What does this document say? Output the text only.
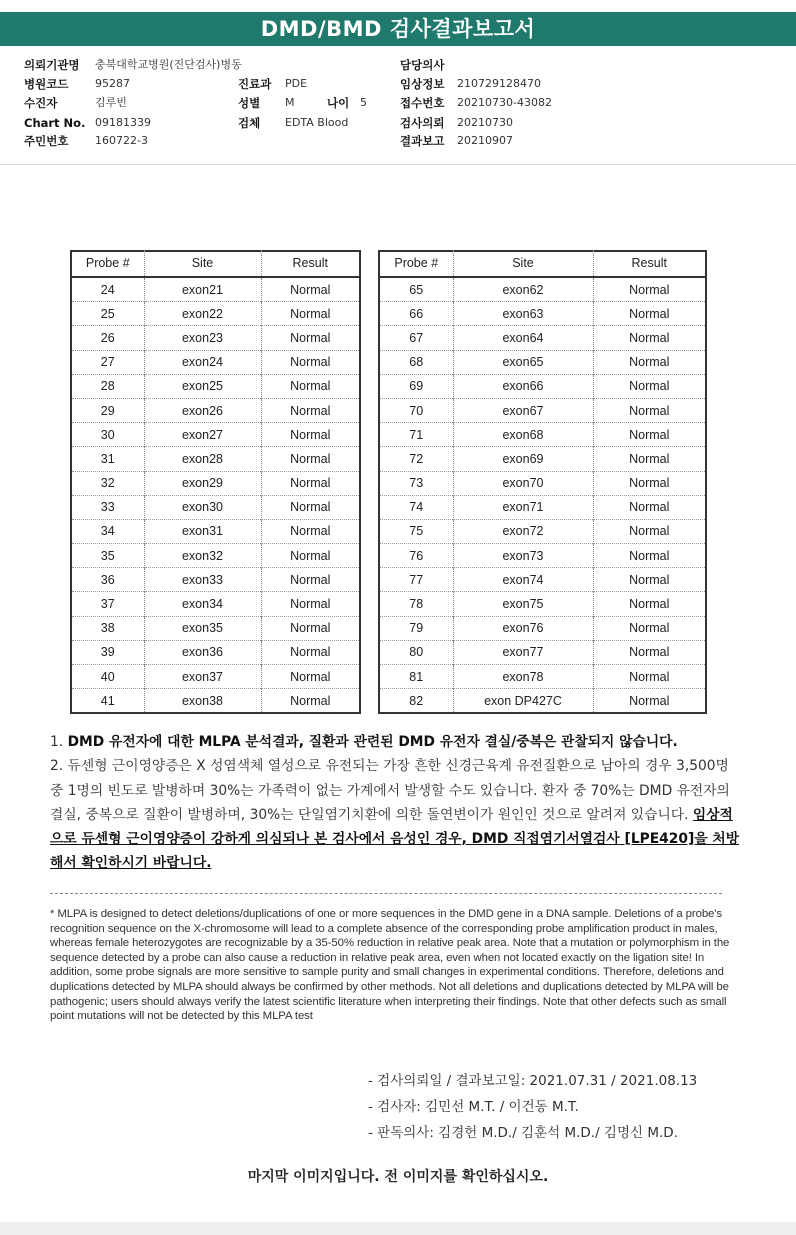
DMD/BMD 검사결과보고서
의뢰기관명 충북대학교병원(진단검사)병동	담당의사
병원코드 95287	진료과 PDE	임상정보 210729128470
수진자	김루빈	성별 M	나이 5	접수번호 20210730-43082
Chart No. 09181339	검체 EDTA Blood	검사의뢰 20210730
주민번호 160722-3	결과보고 20210907
Probe #	Site	Result
24	exon21	Normal
25	exon22	Normal
26	exon23	Normal
27	exon24	Normal
28	exon25	Normal
29	exon26	Normal
30	exon27	Normal
31	exon28	Normal
32	exon29	Normal
33	exon30	Normal
34	exon31	Normal
35	exon32	Normal
36	exon33	Normal
37	exon34	Normal
38	exon35	Normal
39	exon36	Normal
40	exon37	Normal
41	exon38	Normal
Probe #	Site	Result
65	exon62	Normal
66	exon63	Normal
67	exon64	Normal
68	exon65	Normal
69	exon66	Normal
70	exon67	Normal
71	exon68	Normal
72	exon69	Normal
73	exon70	Normal
74	exon71	Normal
75	exon72	Normal
76	exon73	Normal
77	exon74	Normal
78	exon75	Normal
79	exon76	Normal
80	exon77	Normal
81	exon78	Normal
82	exon DP427C	Normal
1. DMD 유전자에 대한 MLPA 분석결과, 질환과 관련된 DMD 유전자 결실/중복은 관찰되지 않습니다.
2. 듀센형 근이영양증은 X 성염색체 열성으로 유전되는 가장 흔한 신경근육계 유전질환으로 남아의 경우 3,500명 중 1명의 빈도로 발병하며 30%는 가족력이 없는 가계에서 발생할 수도 있습니다. 환자 중 70%는 DMD 유전자의 결실, 중복으로 질환이 발병하며, 30%는 단일염기치환에 의한 돌연변이가 원인인 것으로 알려져 있습니다. 임상적으로 듀센형 근이영양증이 강하게 의심되나 본 검사에서 음성인 경우, DMD 직접염기서열검사 [LPE420]을 처방해서 확인하시기 바랍니다.
* MLPA is designed to detect deletions/duplications of one or more sequences in the DMD gene in a DNA sample. Deletions of a probe's recognition sequence on the X-chromosome will lead to a complete absence of the corresponding probe amplification product in males, whereas female heterozygotes are recognizable by a 35-50% reduction in relative peak area. Note that a mutation or polymorphism in the sequence detected by a probe can also cause a reduction in relative peak area, even when not located exactly on the ligation site! In addition, some probe signals are more sensitive to sample purity and small changes in experimental conditions. Therefore, deletions and duplications detected by MLPA should always be confirmed by other methods. Not all deletions and duplications detected by MLPA will be pathogenic; users should always verify the latest scientific literature when interpreting their findings. Note that other defects such as small point mutations will not be detected by this MLPA test
- 검사의뢰일 / 결과보고일: 2021.07.31 / 2021.08.13
- 검사자: 김민선 M.T. / 이건동 M.T.
- 판독의사: 김경헌 M.D./ 김훈석 M.D./ 김명신 M.D.
마지막 이미지입니다. 전 이미지를 확인하십시오.
